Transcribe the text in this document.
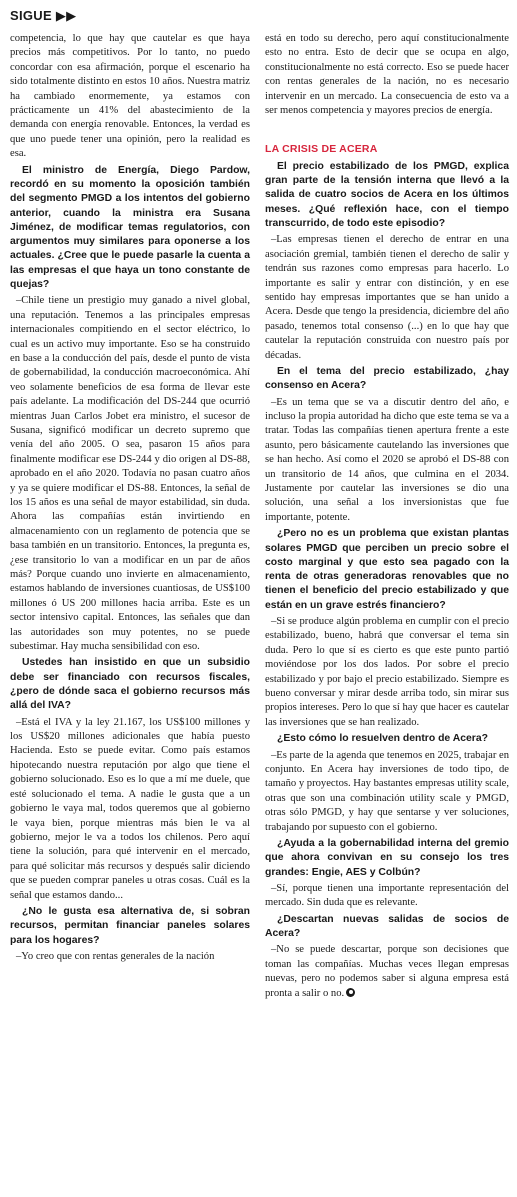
SIGUE ▶▶

competencia, lo que hay que cautelar es que haya precios más competitivos. Por lo tanto, no puedo concordar con esa afirmación, porque el escenario ha sido totalmente distinto en estos 10 años. Nuestra matriz ha cambiado enormemente, ya estamos con prácticamente un 41% del abastecimiento de la demanda con energía renovable. Entonces, la verdad es que uno puede tener una opinión, pero la realidad es esa.

El ministro de Energía, Diego Pardow, recordó en su momento la oposición también del segmento PMGD a los intentos del gobierno anterior, cuando la ministra era Susana Jiménez, de modificar temas regulatorios, con argumentos muy similares para oponerse a los actuales. ¿Cree que le puede pasarle la cuenta a las empresas el que haya un tono constante de quejas?

–Chile tiene un prestigio muy ganado a nivel global, una reputación. Tenemos a las principales empresas internacionales compitiendo en el sector eléctrico, lo cual es un activo muy importante. Eso se ha construido en base a la conducción del país, desde el punto de vista de gobernabilidad, la conducción macroeconómica. Ahí veo solamente beneficios de esa forma de llevar este país adelante. La modificación del DS-244 que ocurrió mientras Juan Carlos Jobet era ministro, el sucesor de Susana, significó modificar un decreto supremo que venía del año 2005. O sea, pasaron 15 años para finalmente modificar ese DS-244 y dio origen al DS-88, aprobado en el año 2020. Todavía no pasan cuatro años y ya se quiere modificar el DS-88. Entonces, la señal de los 15 años es una señal de mayor estabilidad, sin duda. Ahora las compañías están invirtiendo en almacenamiento con un reglamento de potencia que se basa también en un transitorio. Entonces, la pregunta es, ¿ese transitorio lo van a modificar en un par de años más? Porque cuando uno invierte en almacenamiento, estamos hablando de inversiones cuantiosas, de US$100 millones ó US 200 millones hacia arriba. Este es un sector intensivo capital. Entonces, las señales que dan las autoridades son muy potentes, no se puede subestimar. Hay mucha sensibilidad con eso.

Ustedes han insistido en que un subsidio debe ser financiado con recursos fiscales, ¿pero de dónde saca el gobierno recursos más allá del IVA?

–Está el IVA y la ley 21.167, los US$100 millones y los US$20 millones adicionales que había puesto Hacienda. Esto se puede evitar. Como país estamos hipotecando nuestra reputación por algo que tiene el gobierno solucionado. Eso es lo que a mí me duele, que esté solucionado el tema. A nadie le gusta que a un gobierno le vaya mal, todos queremos que al gobierno le vaya bien, porque mientras más bien le va al gobierno, mejor le va a todos los chilenos. Pero aquí tiene la solución, para qué intervenir en el mercado, para qué solicitar más recursos y después salir diciendo que se pueden comprar paneles u otras cosas. Cuál es la señal que estamos dando...

¿No le gusta esa alternativa de, si sobran recursos, permitan financiar paneles solares para los hogares?

–Yo creo que con rentas generales de la nación

está en todo su derecho, pero aquí constitucionalmente esto no entra. Esto de decir que se ocupa en algo, constitucionalmente no está correcto. Eso se puede hacer con rentas generales de la nación, no es necesario intervenir en un mercado. La consecuencia de esto va a ser menos competencia y mayores precios de energía.

LA CRISIS DE ACERA

El precio estabilizado de los PMGD, explica gran parte de la tensión interna que llevó a la salida de cuatro socios de Acera en los últimos meses. ¿Qué reflexión hace, con el tiempo transcurrido, de todo este episodio?

–Las empresas tienen el derecho de entrar en una asociación gremial, también tienen el derecho de salir y tendrán sus razones como empresas para hacerlo. Lo importante es salir y entrar con distinción, y en ese sentido hay empresas importantes que se han unido a Acera. Desde que tengo la presidencia, diciembre del año pasado, tenemos total consenso (...) en lo que hay que cautelar la reputación construida con nuestro país por décadas.

En el tema del precio estabilizado, ¿hay consenso en Acera?

–Es un tema que se va a discutir dentro del año, e incluso la propia autoridad ha dicho que este tema se va a tratar. Todas las compañías tienen apertura frente a este asunto, pero básicamente cautelando las inversiones que se han hecho. Así como el 2020 se aprobó el DS-88 con un transitorio de 14 años, que culmina en el 2034. Justamente por cautelar las inversiones se dio una solución, una señal a los inversionistas que fue importante, potente.

¿Pero no es un problema que existan plantas solares PMGD que perciben un precio sobre el costo marginal y que esto sea pagado con la renta de otras generadoras renovables que no tienen el beneficio del precio estabilizado y que están en un grave estrés financiero?

–Si se produce algún problema en cumplir con el precio estabilizado, bueno, habrá que conversar el tema sin duda. Pero lo que sí es cierto es que este punto partió moviéndose por los dos lados. Por sobre el precio estabilizado y por bajo el precio estabilizado. Siempre es bueno conversar y mirar desde arriba todo, sin mirar sus propios intereses. Pero lo que sí hay que hacer es cautelar las inversiones que se han realizado.

¿Esto cómo lo resuelven dentro de Acera?

–Es parte de la agenda que tenemos en 2025, trabajar en conjunto. En Acera hay inversiones de todo tipo, de tamaño y proyectos. Hay bastantes empresas utility scale, otras que son una combinación utility scale y PMGD, otras sólo PMGD, y hay que sentarse y ver soluciones, trabajando por supuesto con el gobierno.

¿Ayuda a la gobernabilidad interna del gremio que ahora convivan en su consejo los tres grandes: Engie, AES y Colbún?

–Sí, porque tienen una importante representación del mercado. Sin duda que es relevante.

¿Descartan nuevas salidas de socios de Acera?

–No se puede descartar, porque son decisiones que toman las compañías. Muchas veces llegan empresas nuevas, pero no podemos saber si alguna empresa está pronta a salir o no.
